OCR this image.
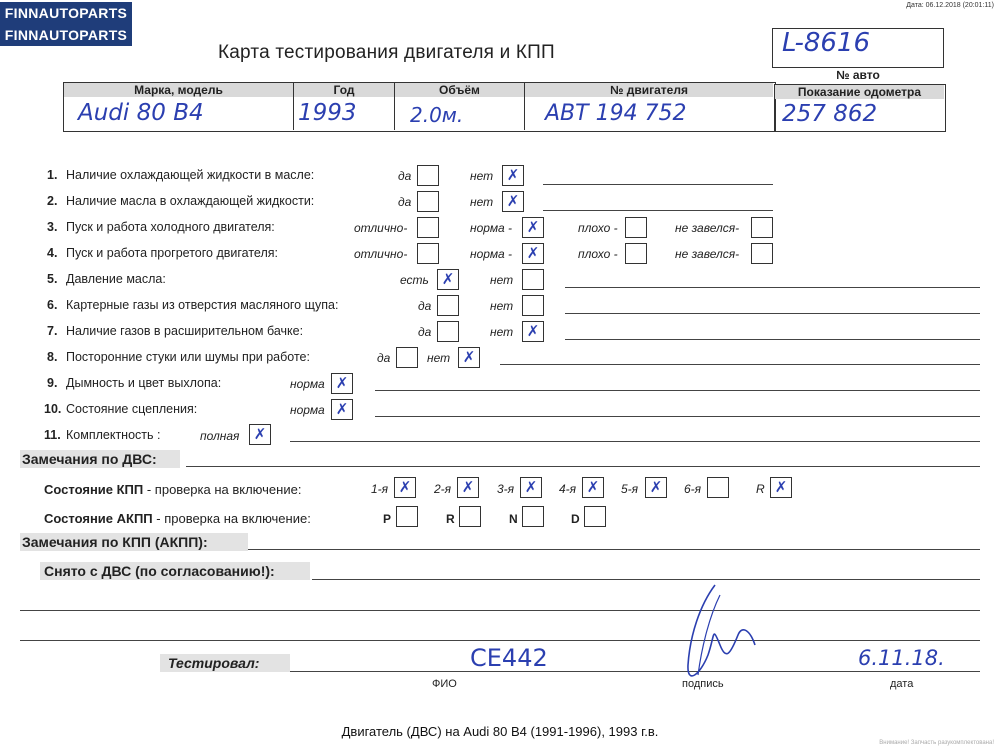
FINNAUTOPARTS
FINNAUTOPARTS
Дата: 06.12.2018 (20:01:11)
Карта тестирования двигателя и КПП	L-8616
№ авто
Марка, модель	Год	Объём	№ двигателя	Показание одометра
Audi 80 B4	1993	2.0м.	ABT 194 752	257 862
1. Наличие охлаждающей жидкости в масле:	да	нет ✗
2. Наличие масла в охлаждающей жидкости:	да	нет ✗
3. Пуск и работа холодного двигателя:	отлично-	норма - ✗	плохо -	не завелся-
4. Пуск и работа прогретого двигателя:	отлично-	норма - ✗	плохо -	не завелся-
5. Давление масла:	есть ✗	нет
6. Картерные газы из отверстия масляного щупа:	да	нет
7. Наличие газов в расширительном бачке:	да	нет ✗
8. Посторонние стуки или шумы при работе:	да	нет ✗
9. Дымность и цвет выхлопа:	норма ✗
10. Состояние сцепления:	норма ✗
11. Комплектность :	полная ✗
Замечания по ДВС:
Состояние КПП - проверка на включение:	1-я ✗	2-я ✗	3-я ✗	4-я ✗	5-я ✗	6-я	R ✗
Состояние АКПП - проверка на включение:	P	R	N	D
Замечания по КПП (АКПП):
Снято с ДВС (по согласованию!):
Тестировал:	СЕ442	6.11.18.
ФИО	подпись	дата
Двигатель (ДВС) на Audi 80 B4 (1991-1996), 1993 г.в.
Внимание! Запчасть разукомплектована!
